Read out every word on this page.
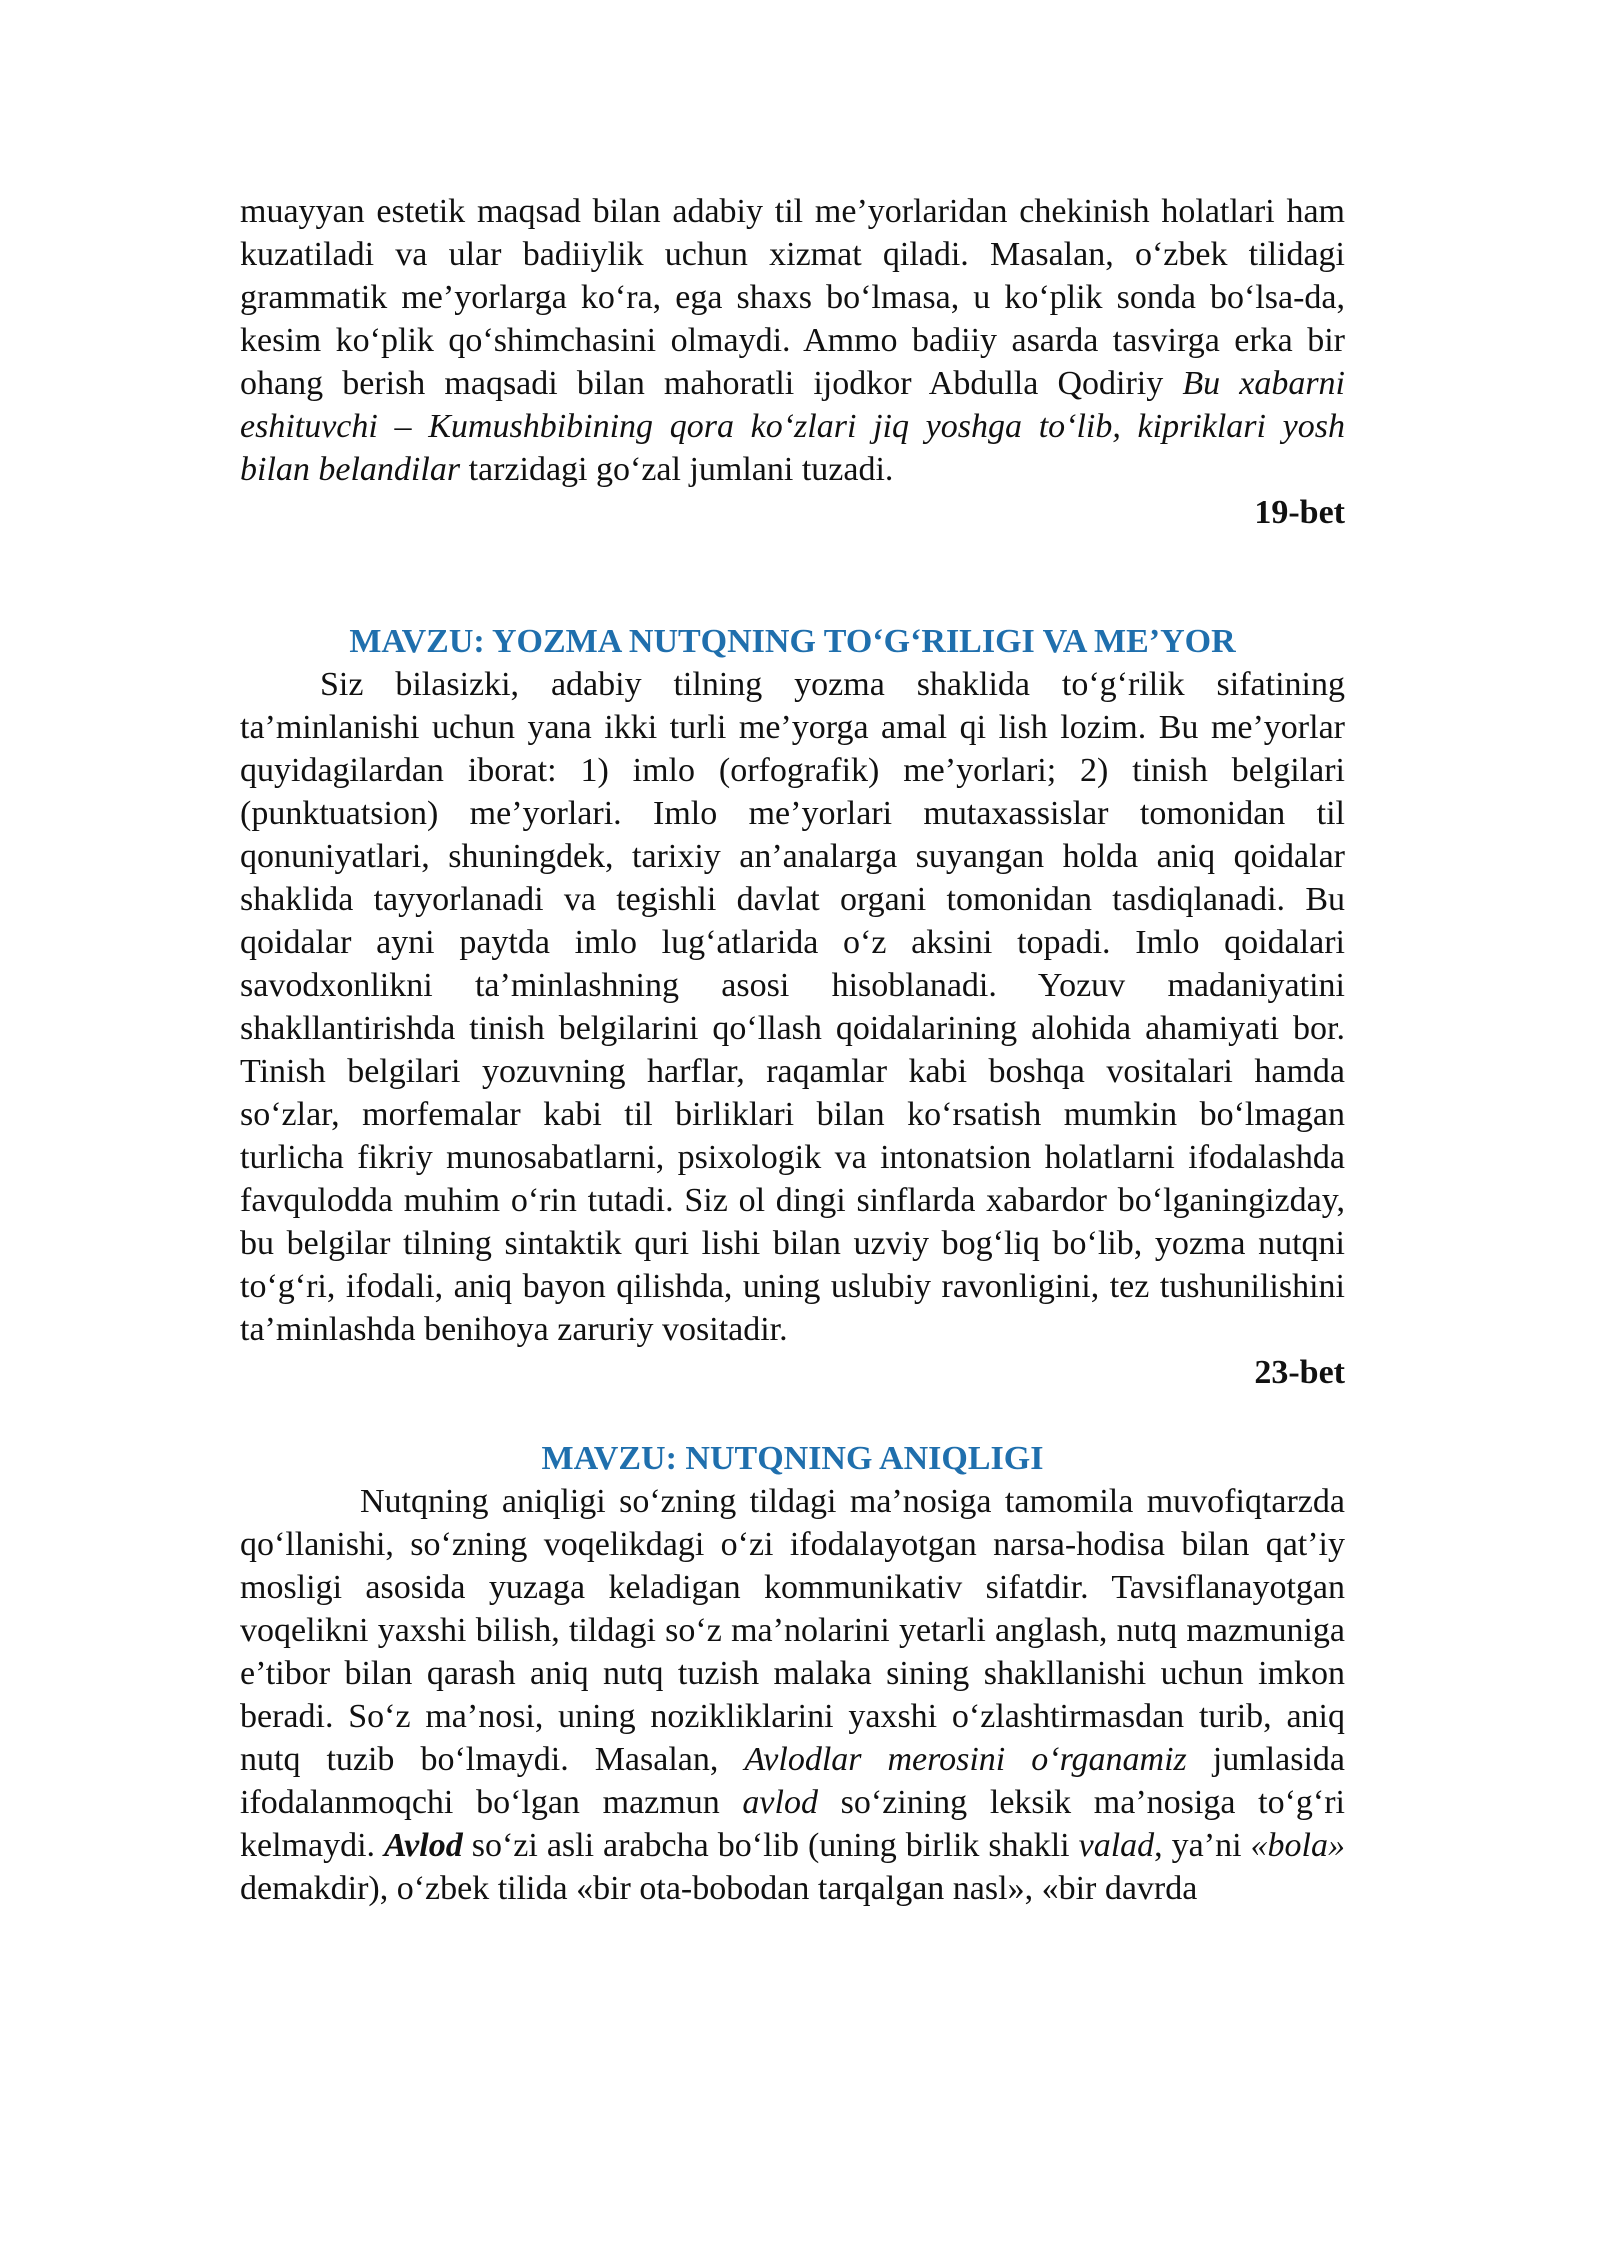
muayyan estetik maqsad bilan adabiy til me’yorlaridan chekinish holatlari ham kuzatiladi va ular badiiylik uchun xizmat qiladi. Masalan, o‘zbek tilidagi grammatik me’yorlarga ko‘ra, ega shaxs bo‘lmasa, u ko‘plik sonda bo‘lsa-da, kesim ko‘plik qo‘shimchasini olmaydi. Ammo badiiy asarda tasvirga erka bir ohang berish maqsadi bilan mahoratli ijodkor Abdulla Qodiriy Bu xabarni eshituvchi – Kumushbibining qora ko‘zlari jiq yoshga to‘lib, kipriklari yosh bilan belandilar tarzidagi go‘zal jumlani tuzadi.

19-bet

MAVZU: YOZMA NUTQNING TO‘G‘RILIGI VA ME’YOR

Siz bilasizki, adabiy tilning yozma shaklida to‘g‘rilik sifatining ta’minlanishi uchun yana ikki turli me’yorga amal qi lish lozim. Bu me’yorlar quyidagilardan iborat: 1) imlo (orfografik) me’yorlari; 2) tinish belgilari (punktuatsion) me’yorlari. Imlo me’yorlari mutaxassislar tomonidan til qonuniyatlari, shuningdek, tarixiy an’analarga suyangan holda aniq qoidalar shaklida tayyorlanadi va tegishli davlat organi tomonidan tasdiqlanadi. Bu qoidalar ayni paytda imlo lug‘atlarida o‘z aksini topadi. Imlo qoidalari savodxonlikni ta’minlashning asosi hisoblanadi. Yozuv madaniyatini shakllantirishda tinish belgilarini qo‘llash qoidalarining alohida ahamiyati bor. Tinish belgilari yozuvning harflar, raqamlar kabi boshqa vositalari hamda so‘zlar, morfemalar kabi til birliklari bilan ko‘rsatish mumkin bo‘lmagan turlicha fikriy munosabatlarni, psixologik va intonatsion holatlarni ifodalashda favqulodda muhim o‘rin tutadi. Siz ol dingi sinflarda xabardor bo‘lganingizday, bu belgilar tilning sintaktik quri lishi bilan uzviy bog‘liq bo‘lib, yozma nutqni to‘g‘ri, ifodali, aniq bayon qilishda, uning uslubiy ravonligini, tez tushunilishini ta’minlashda benihoya zaruriy vositadir.

23-bet

MAVZU: NUTQNING ANIQLIGI

Nutqning aniqligi so‘zning tildagi ma’nosiga tamomila muvofiqtarzda qo‘llanishi, so‘zning voqelikdagi o‘zi ifodalayotgan narsa-hodisa bilan qat’iy mosligi asosida yuzaga keladigan kommunikativ sifatdir. Tavsiflanayotgan voqelikni yaxshi bilish, tildagi so‘z ma’nolarini yetarli anglash, nutq mazmuniga e’tibor bilan qarash aniq nutq tuzish malaka sining shakllanishi uchun imkon beradi. So‘z ma’nosi, uning nozikliklarini yaxshi o‘zlashtirmasdan turib, aniq nutq tuzib bo‘lmaydi. Masalan, Avlodlar merosini o‘rganamiz jumlasida ifodalanmoqchi bo‘lgan mazmun avlod so‘zining leksik ma’nosiga to‘g‘ri kelmaydi. Avlod so‘zi asli arabcha bo‘lib (uning birlik shakli valad, ya’ni «bola» demakdir), o‘zbek tilida «bir ota-bobodan tarqalgan nasl», «bir davrda
